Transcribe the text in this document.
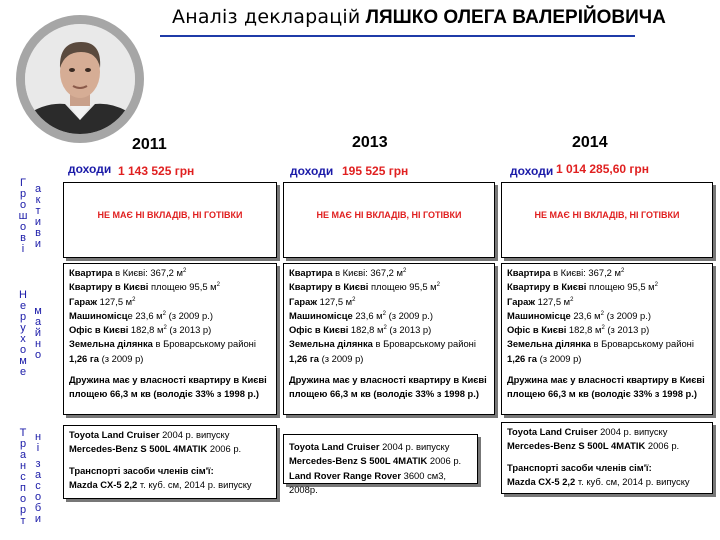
Аналіз декларацій ЛЯШКО ОЛЕГА ВАЛЕРІЙОВИЧА
Г
р
о
ш
о
в
і
а
к
т
и
в
и
Н
е
р
у
х
о
м
е
м
а
й
н
о
Т
р
а
н
с
п
о
р
т
н
і
з
а
с
о
б
и
2011
доходи 1 143 525 грн
НЕ МАЄ НІ ВКЛАДІВ, НІ ГОТІВКИ

Квартира в Києві: 367,2 $м^2$

Квартиру в Києві площею 95,5 $м^2$

Гараж 127,5 $м^2$

Машиномісце 23,6 $м^2$ (з 2009 р.)

Офіс в Києві 182,8 $м^2$ (з 2013 р)

Земельна ділянка в Броварському районі

1,26 га (з 2009 р)

Дружина має у власності квартиру в Києві площею 66,3 м кв (володіє 33% з 1998 р.)

Toyota Land Cruiser 2004 р. випуску

Mercedes-Benz S 500L 4MATIK 2006 р.

Транспорті засоби членів сім'ї:

Mazda CX-5 2,2 т. куб. см, 2014 р. випуску

2013
доходи 195 525 грн
НЕ МАЄ НІ ВКЛАДІВ, НІ ГОТІВКИ

Квартира в Києві: 367,2 $м^2$

Квартиру в Києві площею 95,5 $м^2$

Гараж 127,5 $м^2$

Машиномісце 23,6 $м^2$ (з 2009 р.)

Офіс в Києві 182,8 $м^2$ (з 2013 р)

Земельна ділянка в Броварському районі

1,26 га (з 2009 р)

Дружина має у власності квартиру в Києві площею 66,3 м кв (володіє 33% з 1998 р.)

Toyota Land Cruiser 2004 р. випуску

Mercedes-Benz S 500L 4MATIK 2006 р.

Land Rover Range Rover 3600 см3, 2008р.

2014
доходи 1 014 285,60 грн
НЕ МАЄ НІ ВКЛАДІВ, НІ ГОТІВКИ

Квартира в Києві: 367,2 $м^2$

Квартиру в Києві площею 95,5 $м^2$

Гараж 127,5 $м^2$

Машиномісце 23,6 $м^2$ (з 2009 р.)

Офіс в Києві 182,8 $м^2$ (з 2013 р)

Земельна ділянка в Броварському районі

1,26 га (з 2009 р)

Дружина має у власності квартиру в Києві площею 66,3 м кв (володіє 33% з 1998 р.)

Toyota Land Cruiser 2004 р. випуску

Mercedes-Benz S 500L 4MATIK 2006 р.

Транспорті засоби членів сім'ї:

Mazda CX-5 2,2 т. куб. см, 2014 р. випуску
